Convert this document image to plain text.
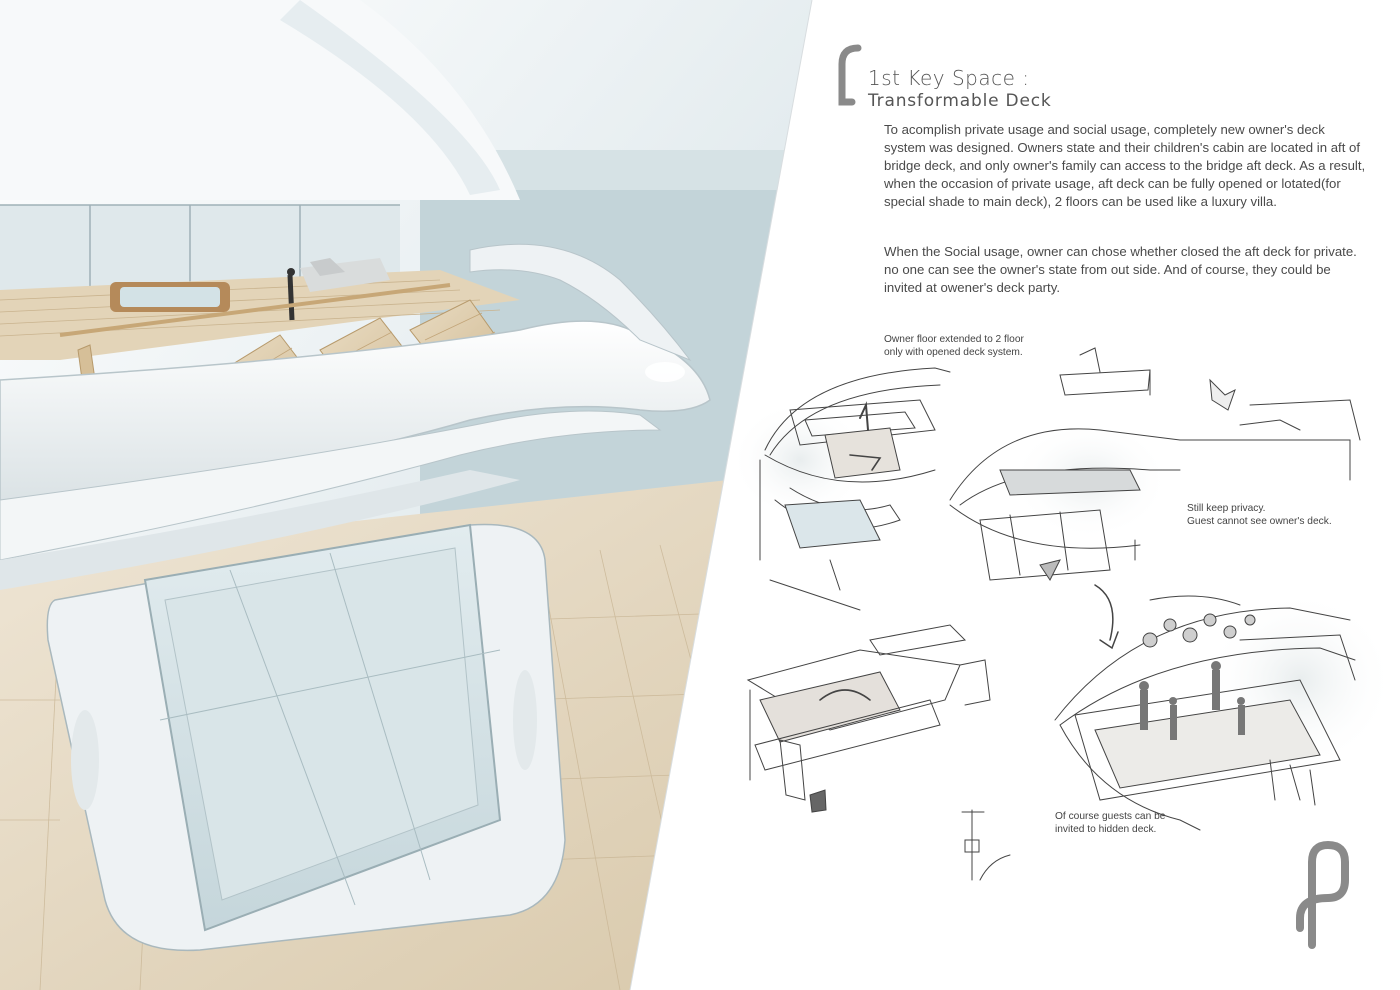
1st Key Space :
Transformable Deck
To acomplish private usage and social usage, completely new owner's deck system was designed. Owners state and their children's cabin are located in aft of bridge deck, and only owner's family can access to the bridge aft deck. As a result, when the occasion of private usage, aft deck can be fully opened or lotated(for special shade to main deck), 2 floors can be used like a luxury villa.
When the Social usage, owner can chose whether closed the aft deck for private. no one can see the owner's state from out side. And of course, they could be invited at owener's deck party.
Owner floor extended to 2 floor
only with opened deck system.
Still keep privacy.
Guest cannot see owner's deck.
Of course guests can be
invited to hidden deck.
